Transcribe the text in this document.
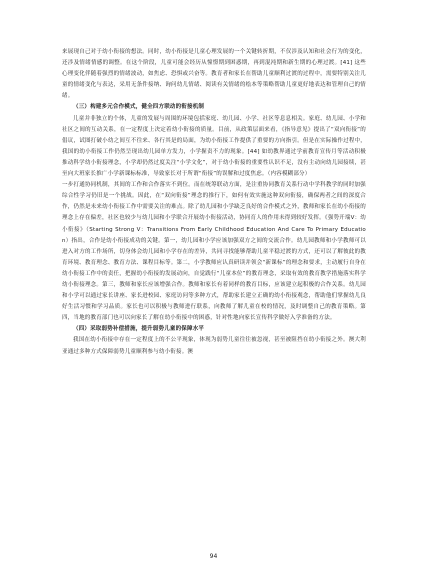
来展现自己对于幼小衔接的想法。同时，幼小衔接是儿童心理发展的一个关键转折期，不仅涉及认知和社会行为的变化，还涉及情绪情感的调整。在这个阶段，儿童可能会经历从憧憬期到困惑期，再到混沌期和新生期的心理过渡。[41] 这些心理变化伴随着强烈的情绪波动，如焦虑、恐惧或兴奋等。教育者和家长在帮助儿童顺利过渡的过程中，需要特别关注儿童的情绪变化与表达，采用无条件接纳、询问幼儿情绪、阅读有关情绪的绘本等策略帮助儿童更好地表达和管理自己的情绪。

（三）构建多元合作模式，健全四方联动的衔接机制

儿童并非独立的个体，儿童的发展与周围的环境包括家庭、幼儿园、小学、社区等息息相关。家庭、幼儿园、小学和社区之间的互动关系，在一定程度上决定着幼小衔接的质量。目前，从政策层面来看，《指导意见》提出了“双向衔接”的倡议，试图打破小幼之间互不往来、各行其是的局面，为幼小衔接工作提供了重要的方向指引。但是在实际操作过程中，我国的幼小衔接工作仍然呈现出幼儿园单方发力，小学握责不力的现象。[44] 如幼教界通过学前教育宣传月等活动积极推动科学幼小衔接理念，小学却仍然过度关注“小学文化”，对于幼小衔接的重要性认识不足，没有主动向幼儿园接续，甚至向大班家长推广小学新课标标准，导致家长对于所谓“衔接”的误解和过度焦虑。（内容模糊部分）

一步打通协同机制，其间的工作和合作落实不到位。而在统筹联动方面，是注重协同教育关系行动中学科教学的同时加强综合性学习仍旧是一个挑战。因此，在“双向衔接”理念的推行下，如何有效实施这种双向衔接，确保两者之间的深度合作，仍然是未来幼小衔接工作中需要关注的难点。除了幼儿园和小学缺乏良好的合作模式之外，教师和家长在幼小衔接的理念上存在偏差，社区也较少与幼儿园和小学联合开展幼小衔接活动，协同育人的作用未得到较好发挥。《强势开端V：幼小衔接》（Starting Strong V：Transitions From Early Childhood Education And Care To Primary Education）指出，合作是幼小衔接成功的关键。第一，幼儿园和小学应该加强双方之间的交流合作。幼儿园教师和小学教师可以进入对方的工作场所，切身体会幼儿园和小学存在的差异，共同寻找能够帮助儿童平稳过渡的方式，还可以了解彼此的教育环境、教育理念、教育方法、课程目标等。第二，小学教师应认真研读并领会“新课标”的理念和要求，主动履行自身在幼小衔接工作中的责任，把握幼小衔接的发展动向，自觉践行“儿童本位”的教育理念，采取有效的教育教学措施落实科学幼小衔接理念。第三，教师和家长应该增强合作。教师和家长有着同样的教育目标，应该建立起积极的合作关系。幼儿园和小学可以通过家长讲座、家长进校园、家庭访问等多种方式，帮助家长建立正确的幼小衔接观念，帮助他们掌握幼儿良好生活习惯和学习品质。家长也可以积极与教师进行联系，向教师了解儿童在校的情况，及时调整自己的教育策略。第四，当地的教育部门也可以向家长了解在幼小衔接中的困惑，针对性地向家长宣传科学做好入学准备的方法。

（四）采取弱势补偿措施，提升弱势儿童的保障水平

我国在幼小衔接中存在一定程度上的不公平现象，体现为弱势儿童往往被忽视，甚至被阻挡在幼小衔接之外。澳大利亚通过多种方式保障弱势儿童顺利参与幼小衔接。澳

94
